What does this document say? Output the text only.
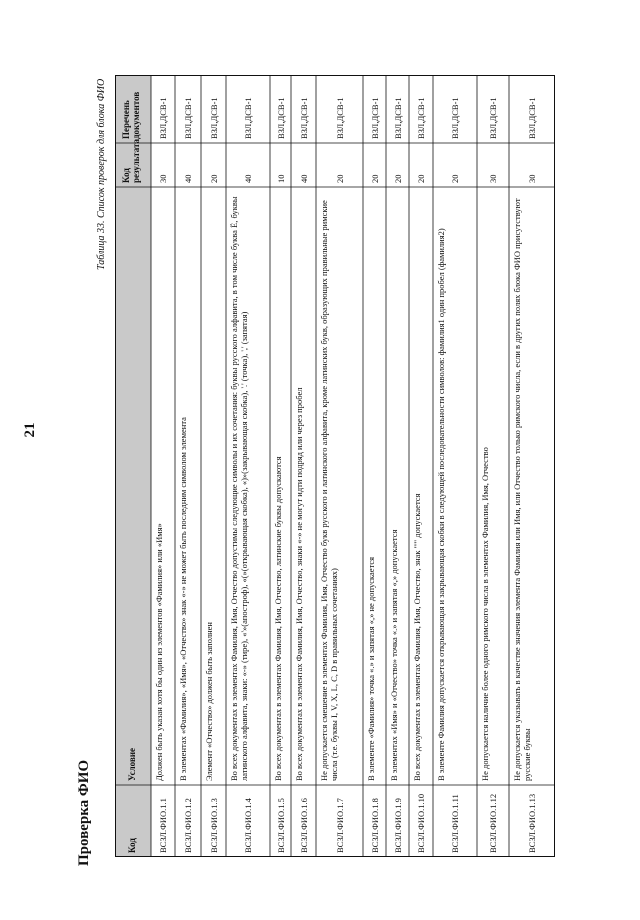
21
Проверка ФИО
Таблица 33. Список проверок для блока ФИО
Код
Условие
Код результата
Перечень документов
ВСЗЛ.ФИО.1.1
Должен быть указан хотя бы один из элементов «Фамилия» или «Имя»
30
ВЗЛ,ДСВ-1
ВСЗЛ.ФИО.1.2
В элементах «Фамилия», «Имя», «Отчество» знак «-» не может быть последним символом элемента
40
ВЗЛ,ДСВ-1
ВСЗЛ.ФИО.1.3
Элемент «Отчество» должен быть заполнен
20
ВЗЛ,ДСВ-1
ВСЗЛ.ФИО.1.4
Во всех документах в элементах Фамилия, Имя, Отчество допустимы следующие символы и их сочетания: буквы русского алфавита, в том числе буква Ё, буквы латинского алфавита, знаки: «-» (тире), «'»(апостроф), «(»(открывающая скобка), «)»(закрывающая скобка), '.' (точка), ',' (запятая)
40
ВЗЛ,ДСВ-1
ВСЗЛ.ФИО.1.5
Во всех документах в элементах Фамилия, Имя, Отчество, латинские буквы допускаются
10
ВЗЛ,ДСВ-1
ВСЗЛ.ФИО.1.6
Во всех документах в элементах Фамилия, Имя, Отчество, знаки «-» не могут идти подряд или через пробел
40
ВЗЛ,ДСВ-1
ВСЗЛ.ФИО.1.7
Не допускается смешение в элементах Фамилия, Имя, Отчество букв русского и латинского алфавита, кроме латинских букв, образующих правильные римские числа (т.е. буквы I, V, X, L, C, D в правильных сочетаниях)
20
ВЗЛ,ДСВ-1
ВСЗЛ.ФИО.1.8
В элементе «Фамилия» точка «.» и запятая «,» не допускается
20
ВЗЛ,ДСВ-1
ВСЗЛ.ФИО.1.9
В элементах «Имя» и «Отчество» точка «.» и запятая «,» допускается
20
ВЗЛ,ДСВ-1
ВСЗЛ.ФИО.1.10
Во всех документах в элементах Фамилия, Имя, Отчество, знак "'" допускается
20
ВЗЛ,ДСВ-1
ВСЗЛ.ФИО.1.11
В элементе Фамилия допускается открывающая и закрывающая скобки в следующей последовательности символов: фамилия1 один пробел (фамилия2)
20
ВЗЛ,ДСВ-1
ВСЗЛ.ФИО.1.12
Не допускается наличие более одного римского числа в элементах Фамилия, Имя, Отчество
30
ВЗЛ,ДСВ-1
ВСЗЛ.ФИО.1.13
Не допускается указывать в качестве значения элемента Фамилия или Имя, или Отчество только римского числа, если в других полях блока ФИО присутствуют русские буквы
30
ВЗЛ,ДСВ-1
